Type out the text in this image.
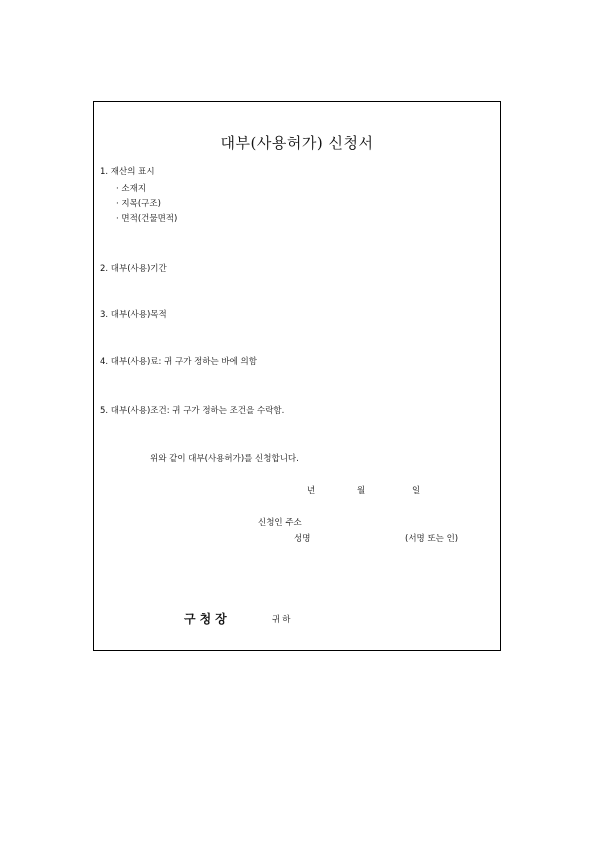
대부(사용허가) 신청서
1. 재산의 표시
· 소재지
· 지목(구조)
· 면적(건물면적)
2. 대부(사용)기간
3. 대부(사용)목적
4. 대부(사용)료: 귀 구가 정하는 바에 의함
5. 대부(사용)조건: 귀 구가 정하는 조건을 수락함.
위와 같이 대부(사용허가)를 신청합니다.
년	월	일
신청인 주소
성명	(서명 또는 인)
구청장	귀하
